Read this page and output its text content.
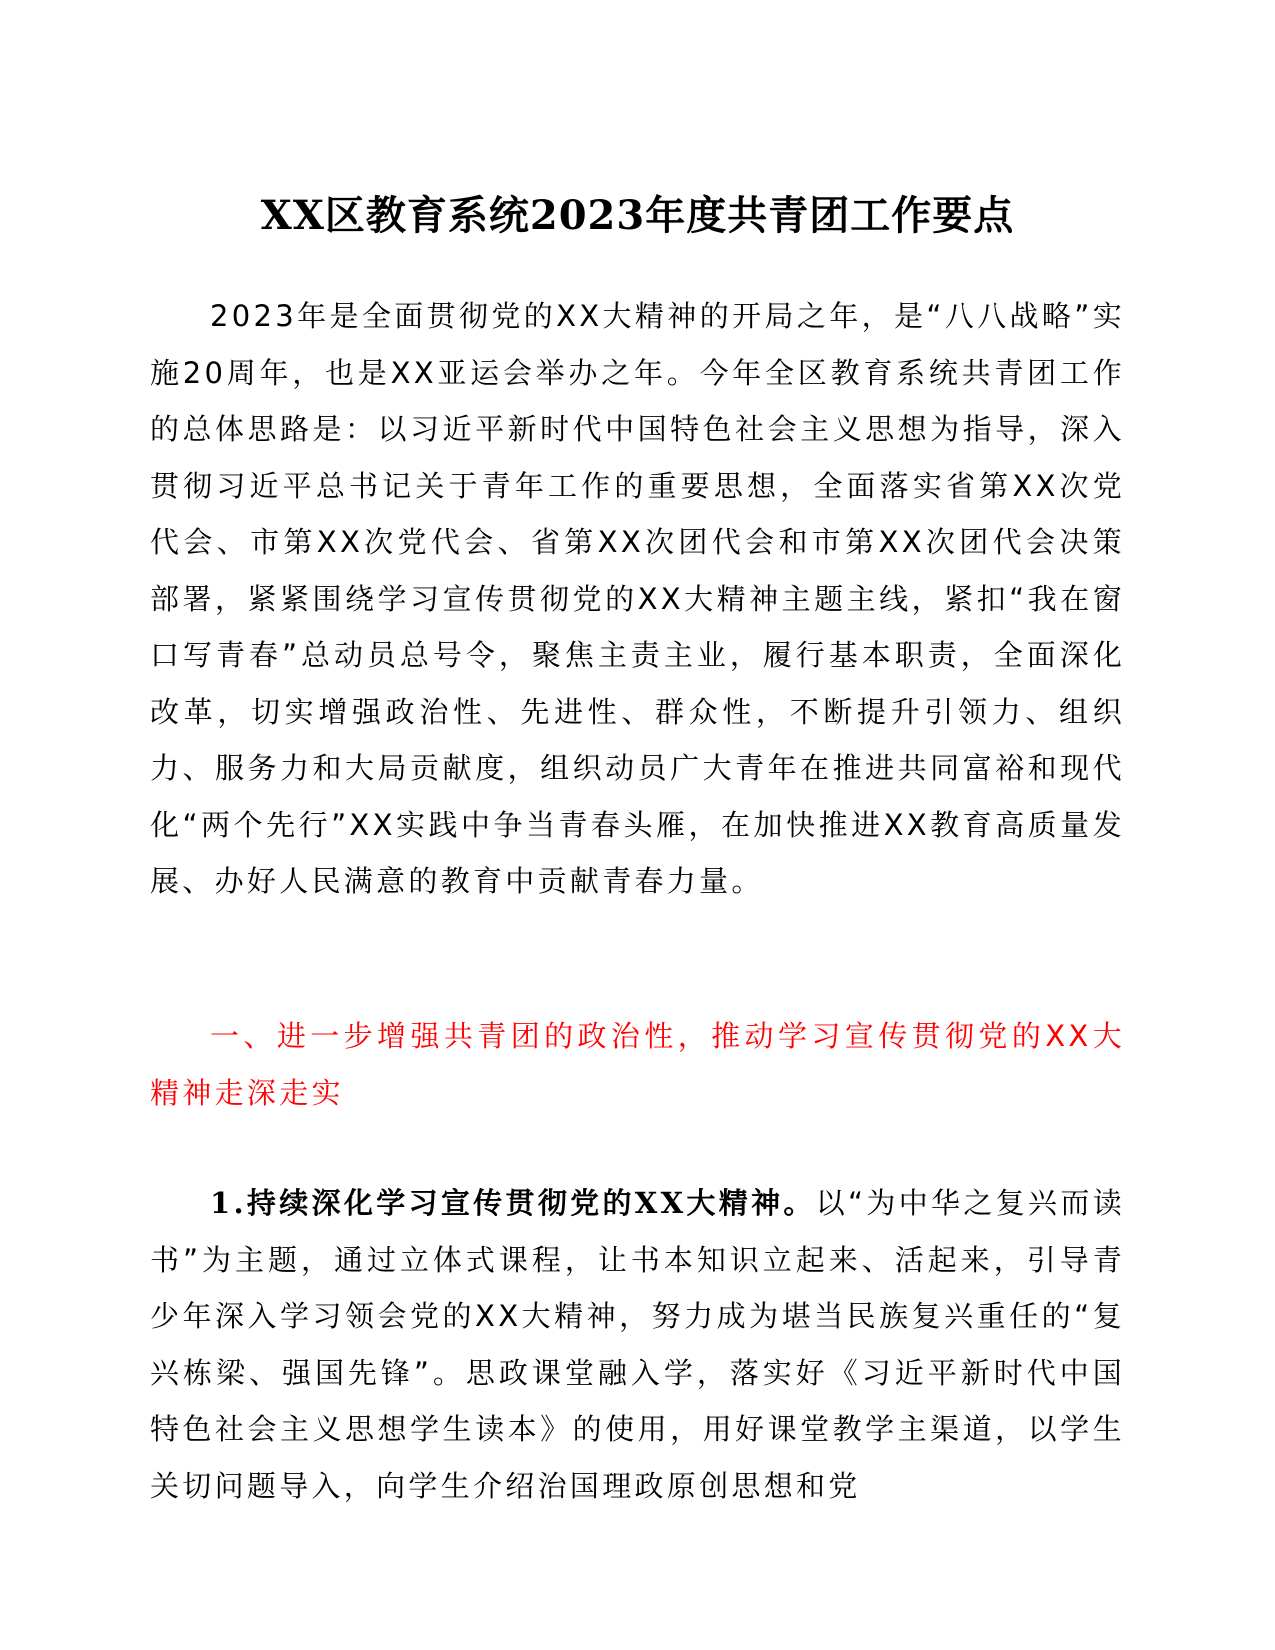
XX区教育系统2023年度共青团工作要点

2023年是全面贯彻党的XX大精神的开局之年，是“八八战略”实施20周年，也是XX亚运会举办之年。今年全区教育系统共青团工作的总体思路是：以习近平新时代中国特色社会主义思想为指导，深入贯彻习近平总书记关于青年工作的重要思想，全面落实省第XX次党代会、市第XX次党代会、省第XX次团代会和市第XX次团代会决策部署，紧紧围绕学习宣传贯彻党的XX大精神主题主线，紧扣“我在窗口写青春”总动员总号令，聚焦主责主业，履行基本职责，全面深化改革，切实增强政治性、先进性、群众性，不断提升引领力、组织力、服务力和大局贡献度，组织动员广大青年在推进共同富裕和现代化“两个先行”XX实践中争当青春头雁，在加快推进XX教育高质量发展、办好人民满意的教育中贡献青春力量。

一、进一步增强共青团的政治性，推动学习宣传贯彻党的XX大精神走深走实

1.持续深化学习宣传贯彻党的XX大精神。以“为中华之复兴而读书”为主题，通过立体式课程，让书本知识立起来、活起来，引导青少年深入学习领会党的XX大精神，努力成为堪当民族复兴重任的“复兴栋梁、强国先锋”。思政课堂融入学，落实好《习近平新时代中国特色社会主义思想学生读本》的使用，用好课堂教学主渠道，以学生关切问题导入，向学生介绍治国理政原创思想和党
